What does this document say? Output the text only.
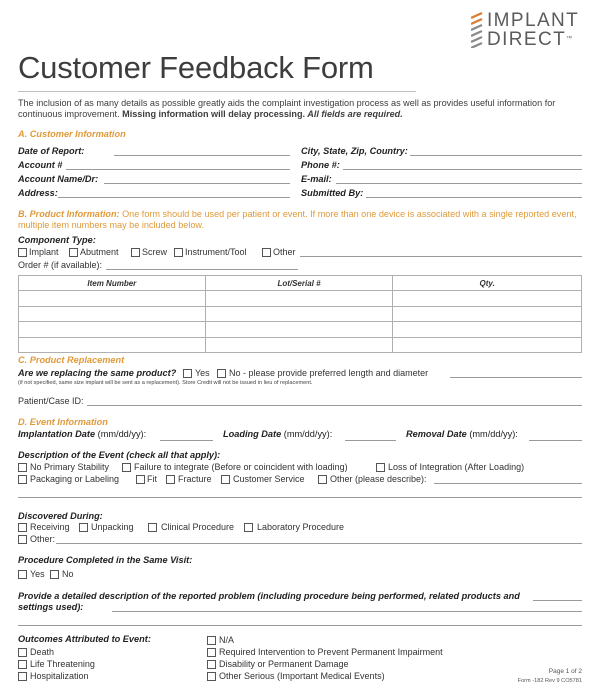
IMPLANT
DIRECT™
Customer Feedback Form
The inclusion of as many details as possible greatly aids the complaint investigation process as well as provides useful information for continuous improvement. Missing information will delay processing. All fields are required.
A. Customer Information
Date of Report:
Account #
Account Name/Dr:
Address:
City, State, Zip, Country:
Phone #:
E-mail:
Submitted By:
B. Product Information: One form should be used per patient or event. If more than one device is associated with a single reported event, multiple item numbers may be included below.
Component Type:
Implant Abutment	Screw Instrument/Tool	Other
Order # (if available):
Item Number	Lot/Serial #	Qty.

C. Product Replacement
Are we replacing the same product? Yes No - please provide preferred length and diameter
(if not specified, same size implant will be sent as a replacement). Store Credit will not be issued in lieu of replacement.
Patient/Case ID:
D. Event Information
Implantation Date (mm/dd/yy):	Loading Date (mm/dd/yy):	Removal Date (mm/dd/yy):
Description of the Event (check all that apply):
No Primary Stability	Failure to integrate (Before or coincident with loading)	Loss of Integration (After Loading)
Packaging or Labeling	Fit Fracture Customer Service	Other (please describe):
Discovered During:
Receiving Unpacking	Clinical Procedure	Laboratory Procedure
Other:
Procedure Completed in the Same Visit:
Yes No
Provide a detailed description of the reported problem (including procedure being performed, related products and settings used):
Outcomes Attributed to Event:
Death
Life Threatening
Hospitalization
N/A
Required Intervention to Prevent Permanent Impairment
Disability or Permanent Damage
Other Serious (Important Medical Events)	Page 1 of 2
Form -182 Rev 9 CO5781
